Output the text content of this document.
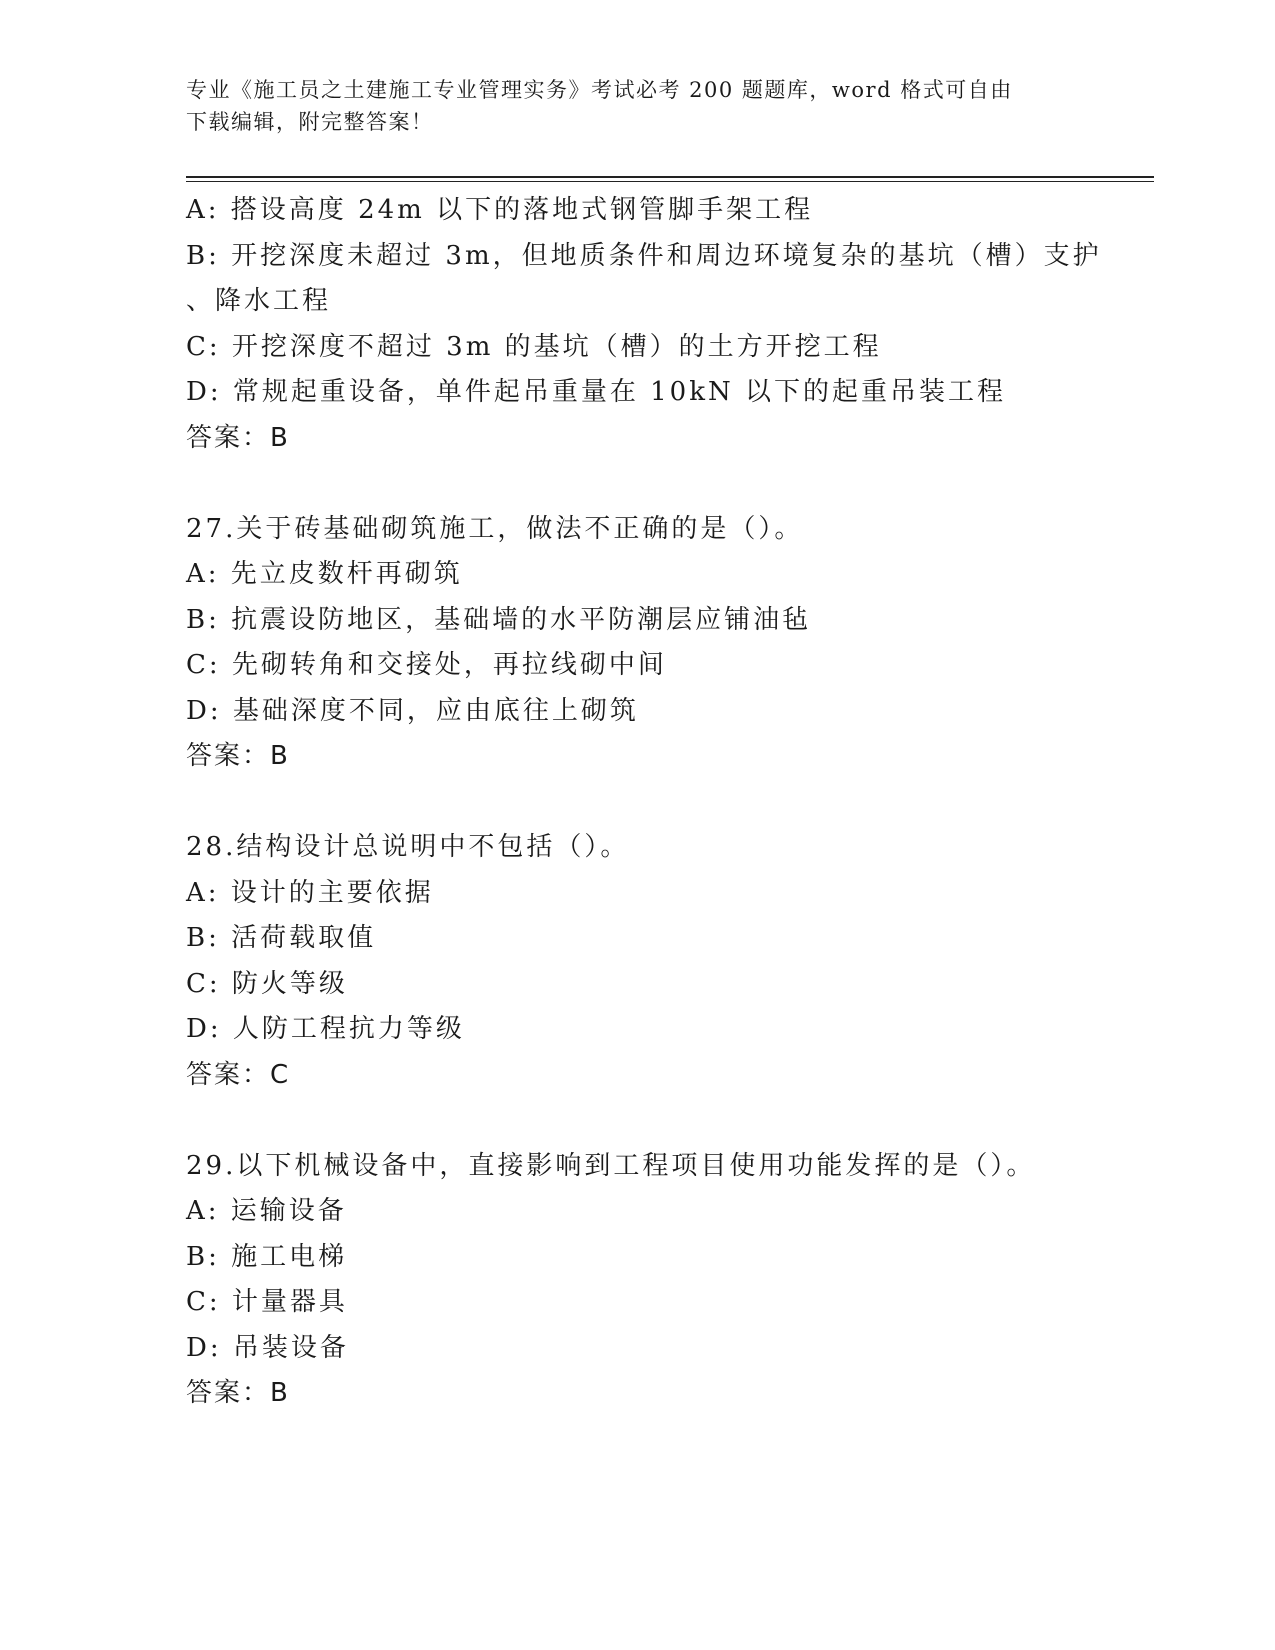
专业《施工员之土建施工专业管理实务》考试必考 200 题题库，word 格式可自由
下载编辑，附完整答案！
A: 搭设高度 24m 以下的落地式钢管脚手架工程
B: 开挖深度未超过 3m，但地质条件和周边环境复杂的基坑（槽）支护
、降水工程
C: 开挖深度不超过 3m 的基坑（槽）的土方开挖工程
D: 常规起重设备，单件起吊重量在 10kN 以下的起重吊装工程
答案：B
27.关于砖基础砌筑施工，做法不正确的是（）。
A: 先立皮数杆再砌筑
B: 抗震设防地区，基础墙的水平防潮层应铺油毡
C: 先砌转角和交接处，再拉线砌中间
D: 基础深度不同，应由底往上砌筑
答案：B
28.结构设计总说明中不包括（）。
A: 设计的主要依据
B: 活荷载取值
C: 防火等级
D: 人防工程抗力等级
答案：C
29.以下机械设备中，直接影响到工程项目使用功能发挥的是（）。
A: 运输设备
B: 施工电梯
C: 计量器具
D: 吊装设备
答案：B
